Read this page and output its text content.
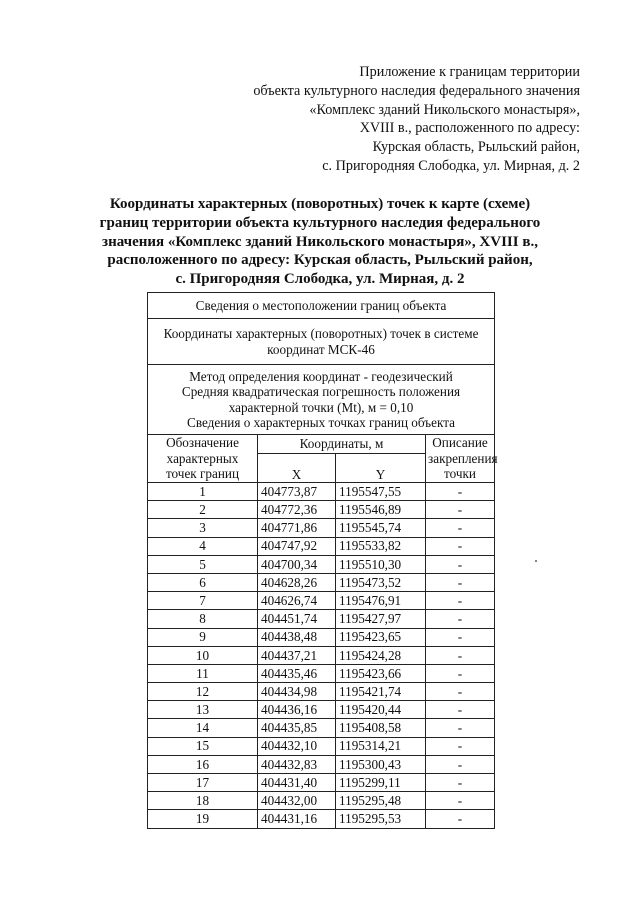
Приложение к границам территории
объекта культурного наследия федерального значения
«Комплекс зданий Никольского монастыря»,
XVIII в., расположенного по адресу:
Курская область, Рыльский район,
с. Пригородняя Слободка, ул. Мирная, д. 2
Координаты характерных (поворотных) точек к карте (схеме)
границ территории объекта культурного наследия федерального
значения «Комплекс зданий Никольского монастыря», XVIII в.,
расположенного по адресу: Курская область, Рыльский район,
с. Пригородняя Слободка, ул. Мирная, д. 2
Сведения о местоположении границ объекта			
Координаты характерных (поворотных) точек в системе координат МСК-46			

Метод определения координат - геодезический
Средняя квадратическая погрешность положения характерной точки (Мt), м = 0,10
Сведения о характерных точках границ объекта			

Обозначение характерных точек границ	Координаты, м		Описание закрепления точки
	X	Y	
1	404773,87	1195547,55	-
2	404772,36	1195546,89	-
3	404771,86	1195545,74	-
4	404747,92	1195533,82	-
5	404700,34	1195510,30	-
6	404628,26	1195473,52	-
7	404626,74	1195476,91	-
8	404451,74	1195427,97	-
9	404438,48	1195423,65	-
10	404437,21	1195424,28	-
11	404435,46	1195423,66	-
12	404434,98	1195421,74	-
13	404436,16	1195420,44	-
14	404435,85	1195408,58	-
15	404432,10	1195314,21	-
16	404432,83	1195300,43	-
17	404431,40	1195299,11	-
18	404432,00	1195295,48	-
19	404431,16	1195295,53	-
